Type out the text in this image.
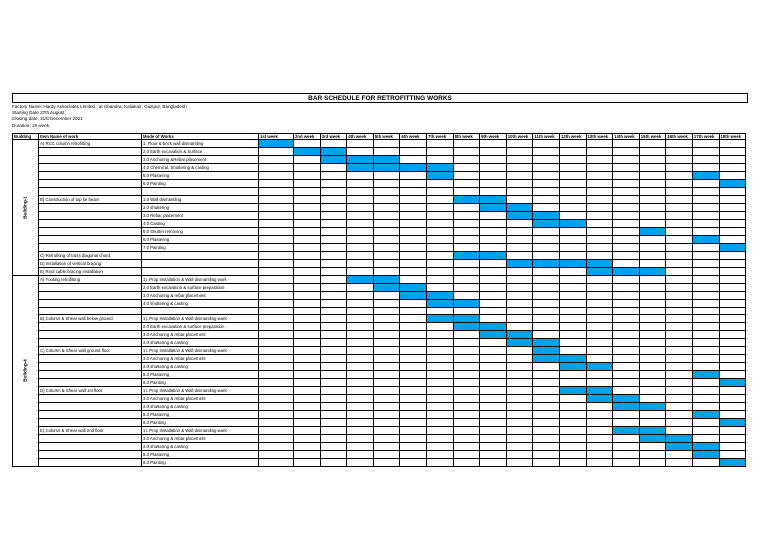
BAR SCHEDULE FOR RETROFITTING WORKS
Factory Name: Hardy Associates Limited ; at Chandra, Kaliakoir, Gazipur, Bangladesh
Starting Date 27th August
Closing date: 31st December 2021
Duration: 18 week
Building	Item Name of work	Mode of Works	1st week	2nd week	3rd week	4th week	5th week	6th week	7th week	8th week	9th week	10th week	11th week	12th week	13th week	14th week	15th week	16th week	17th week	18th week
Building-1	A) RCC column retrofitting	1. Floor & brick wall dismantling																		
		2.0 Earth excavation & Surface																		
		3.0 Anchoring &Rebar placement																		
		4.0 Chemical, Shuttering & casting																		
		5.0 Plastering																		
		6.0 Painting																		

	B) Construction of top tie beam	1.0 Wall dismantling																		
		2.0 shuttering																		
		3.0 Rebar placement																		
		4.0 Casting																		
		5.0 Shutter removing																		
		6.0 Plastering																		
		7.0 Painting																		
	C) Retrofiting of truss diagonal chord																			
	D) Installation of vertical bracing																			
	E) Roof cable bracing installation																			
Building-4	A) Footing retrofitting	1). Prop Installation & Wall dismantling work																		
		2.0 Earth excavation & surface preparation																		
		3.0 Anchoring & rebar placement																		
		4.0 shuttering & casting																		

	B) Column & Shear wall below ground	1). Prop Installation & Wall dismantling work																		
		2.0 Earth excavation & surface preparation																		
		3.0 Anchoring & rebar placement																		
		4.0 shuttering & casting																		
	C) Column & Shear wall ground floor	1). Prop Installation & Wall dismantling work																		
		3.0 Anchoring & rebar placement																		
		4.0 shuttering & casting																		
		5.0 Plastering																		
		6.0 Painting																		
	D) Column & Shear wall 1st floor	1). Prop Installation & Wall dismantling work																		
		3.0 Anchoring & rebar placement																		
		4.0 shuttering & casting																		
		5.0 Plastering																		
		6.0 Painting																		
	E) Column & Shear wall 2nd floor	1). Prop Installation & Wall dismantling work																		
		3.0 Anchoring & rebar placement																		
		4.0 shuttering & casting																		
		5.0 Plastering																		
		6.0 Painting																		
